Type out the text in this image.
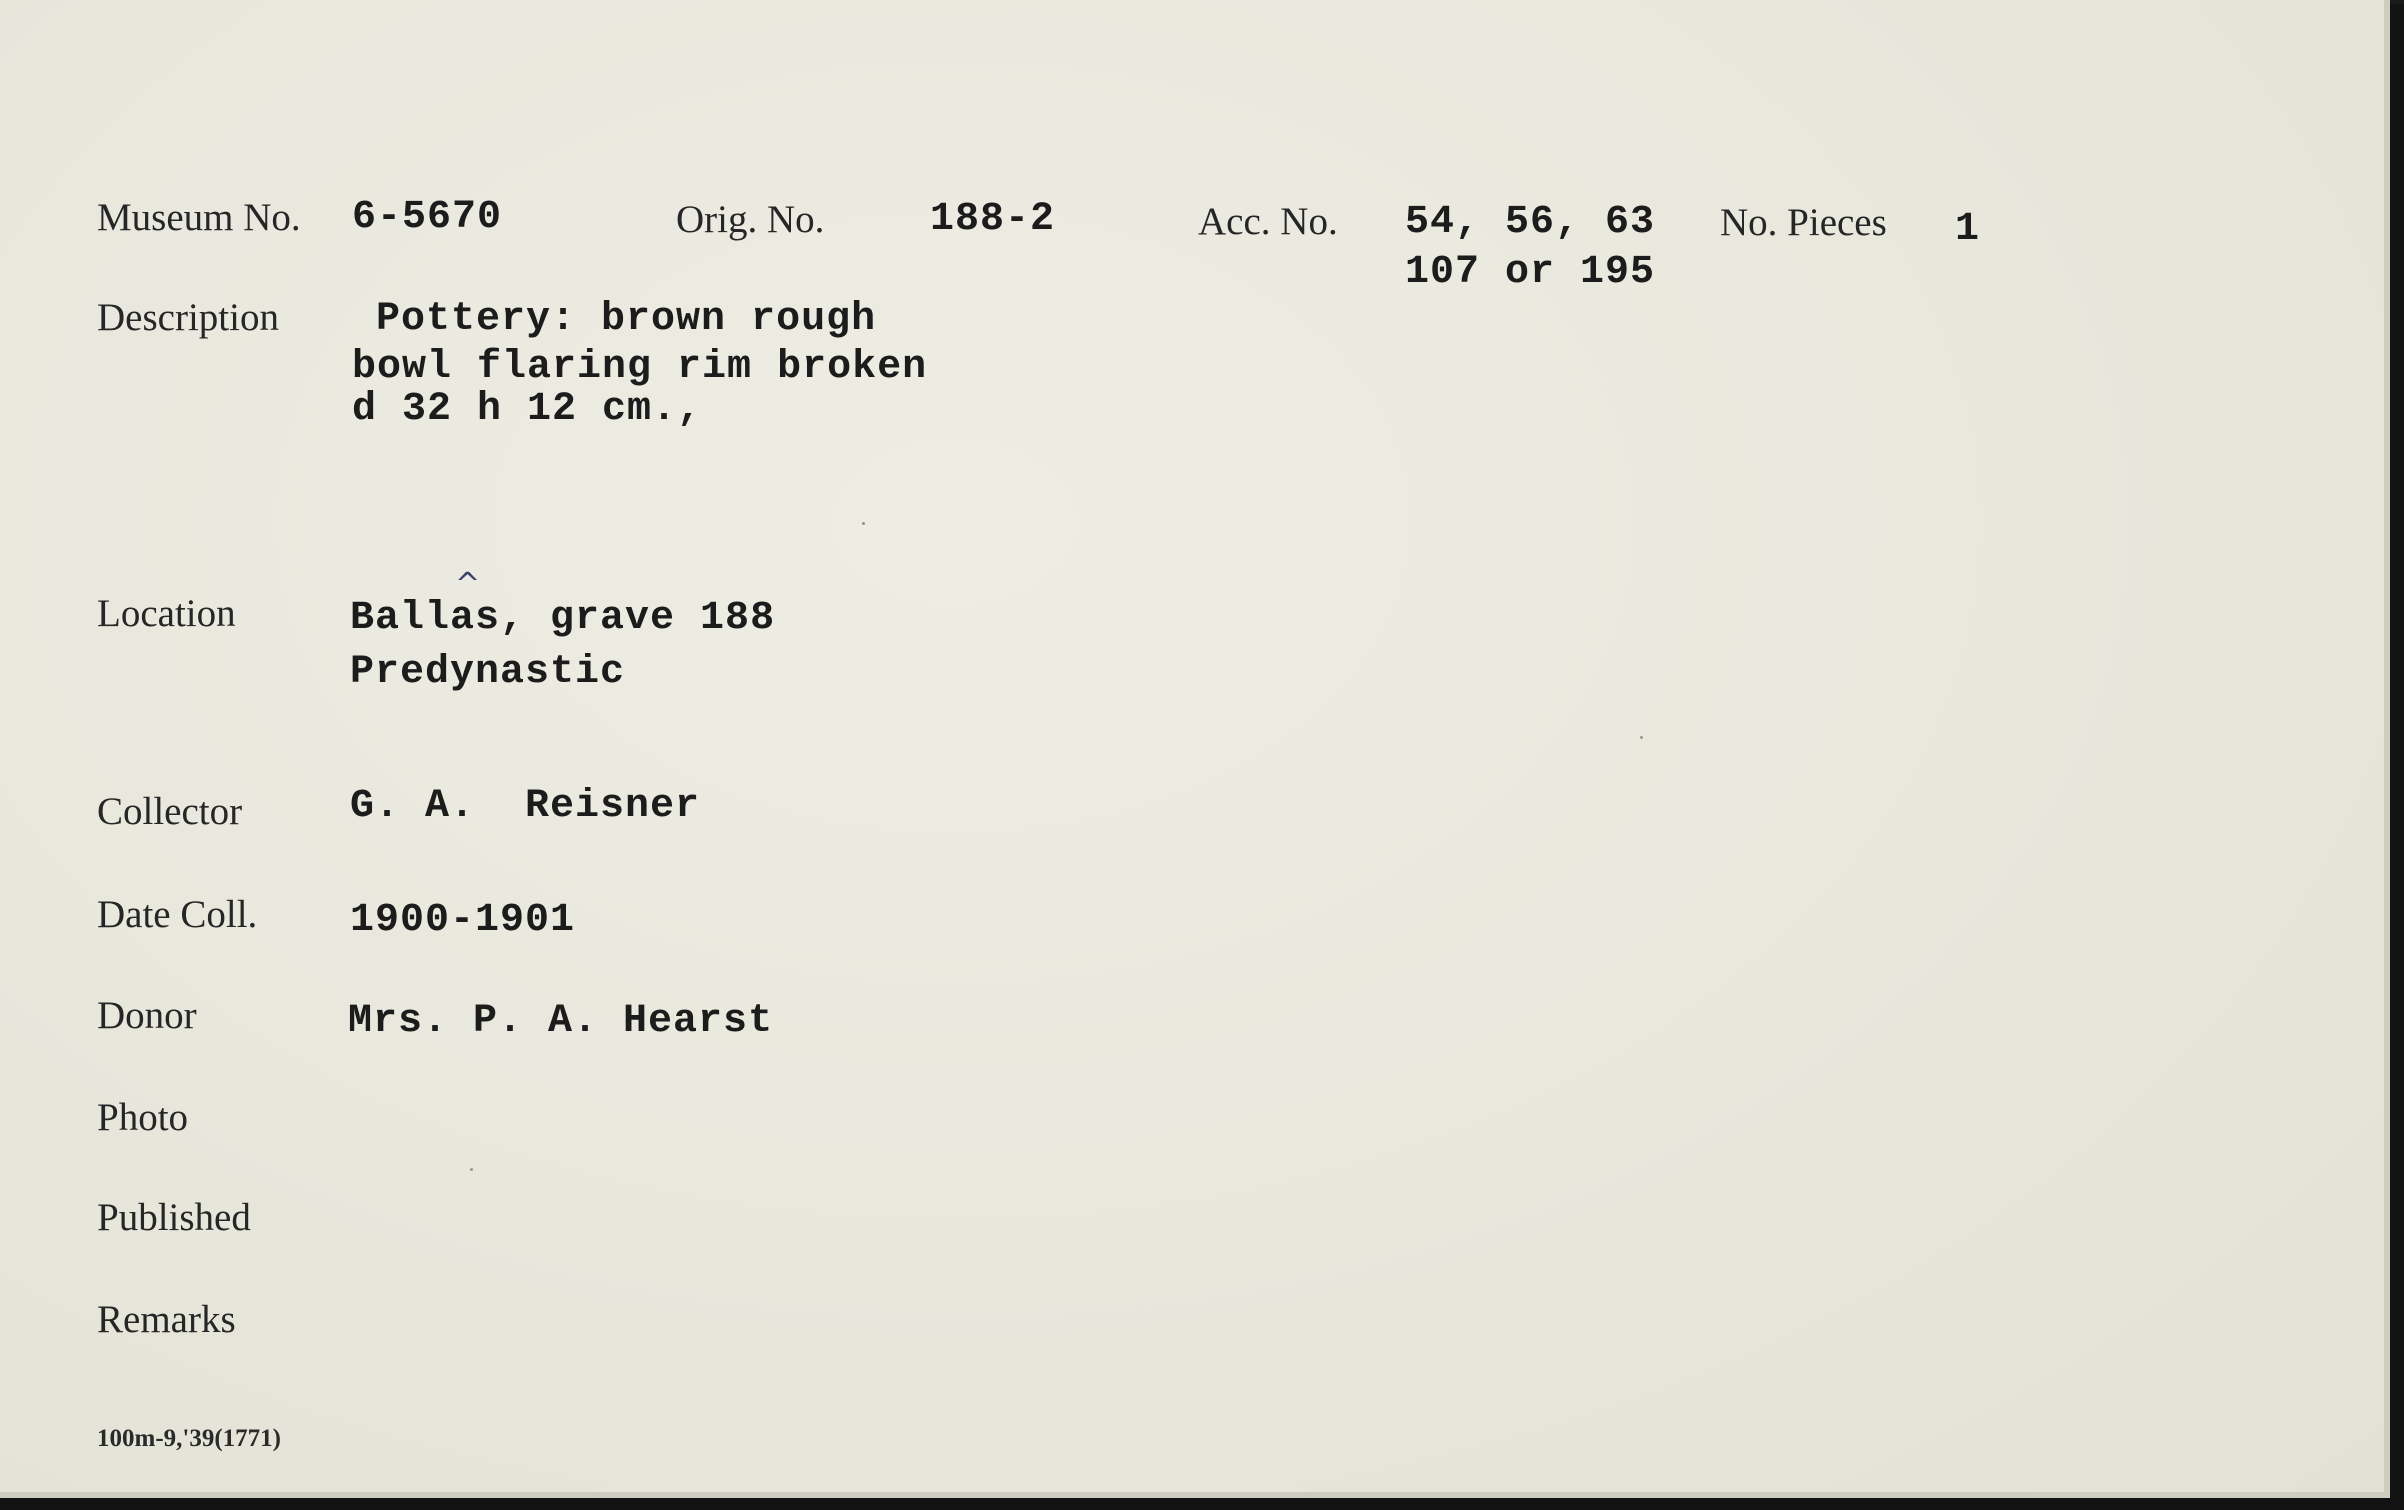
Museum No. 6-5670	Orig. No.	188-2	Acc. No. 54, 56, 63
107 or 195
No. Pieces 1
Description	Pottery: brown rough
bowl flaring rim broken
d 32 h 12 cm.,
Location
^
Ballas, grave 188
Predynastic
Collector	G. A.  Reisner
Date Coll. 1900-1901
Donor	Mrs. P. A. Hearst
Photo
Published
Remarks
100m-9,'39(1771)
